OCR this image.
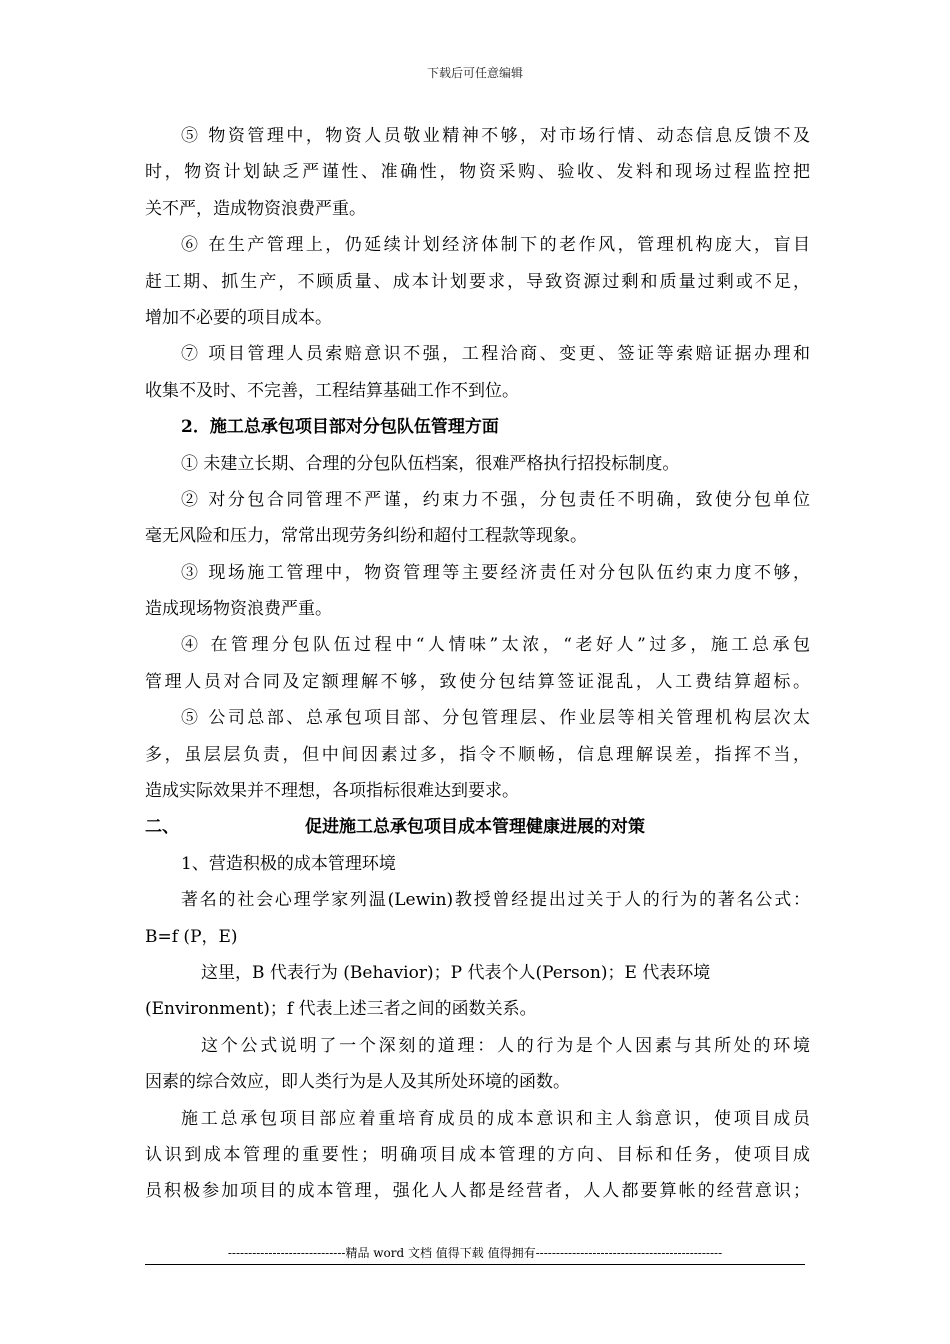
下载后可任意编辑
⑤ 物资管理中，物资人员敬业精神不够，对市场行情、动态信息反馈不及
时，物资计划缺乏严谨性、准确性，物资采购、验收、发料和现场过程监控把
关不严，造成物资浪费严重。
⑥ 在生产管理上，仍延续计划经济体制下的老作风，管理机构庞大，盲目
赶工期、抓生产，不顾质量、成本计划要求，导致资源过剩和质量过剩或不足，
增加不必要的项目成本。
⑦ 项目管理人员索赔意识不强，工程洽商、变更、签证等索赔证据办理和
收集不及时、不完善，工程结算基础工作不到位。
2．施工总承包项目部对分包队伍管理方面
① 未建立长期、合理的分包队伍档案，很难严格执行招投标制度。
② 对分包合同管理不严谨，约束力不强，分包责任不明确，致使分包单位
毫无风险和压力，常常出现劳务纠纷和超付工程款等现象。
③ 现场施工管理中，物资管理等主要经济责任对分包队伍约束力度不够，
造成现场物资浪费严重。
④ 在管理分包队伍过程中“人情味”太浓，“老好人”过多，施工总承包
管理人员对合同及定额理解不够，致使分包结算签证混乱，人工费结算超标。
⑤ 公司总部、总承包项目部、分包管理层、作业层等相关管理机构层次太
多，虽层层负责，但中间因素过多，指令不顺畅，信息理解误差，指挥不当，
造成实际效果并不理想，各项指标很难达到要求。
二、	促进施工总承包项目成本管理健康进展的对策
1、营造积极的成本管理环境
著名的社会心理学家列温(Lewin)教授曾经提出过关于人的行为的著名公式：
B=f (P，E)
这里，B 代表行为 (Behavior)；P 代表个人(Person)；E 代表环境
(Environment)；f 代表上述三者之间的函数关系。
这个公式说明了一个深刻的道理：人的行为是个人因素与其所处的环境
因素的综合效应，即人类行为是人及其所处环境的函数。
施工总承包项目部应着重培育成员的成本意识和主人翁意识，使项目成员
认识到成本管理的重要性；明确项目成本管理的方向、目标和任务，使项目成
员积极参加项目的成本管理，强化人人都是经营者，人人都要算帐的经营意识；
-----------------------------精品 word 文档 值得下载 值得拥有----------------------------------------------
